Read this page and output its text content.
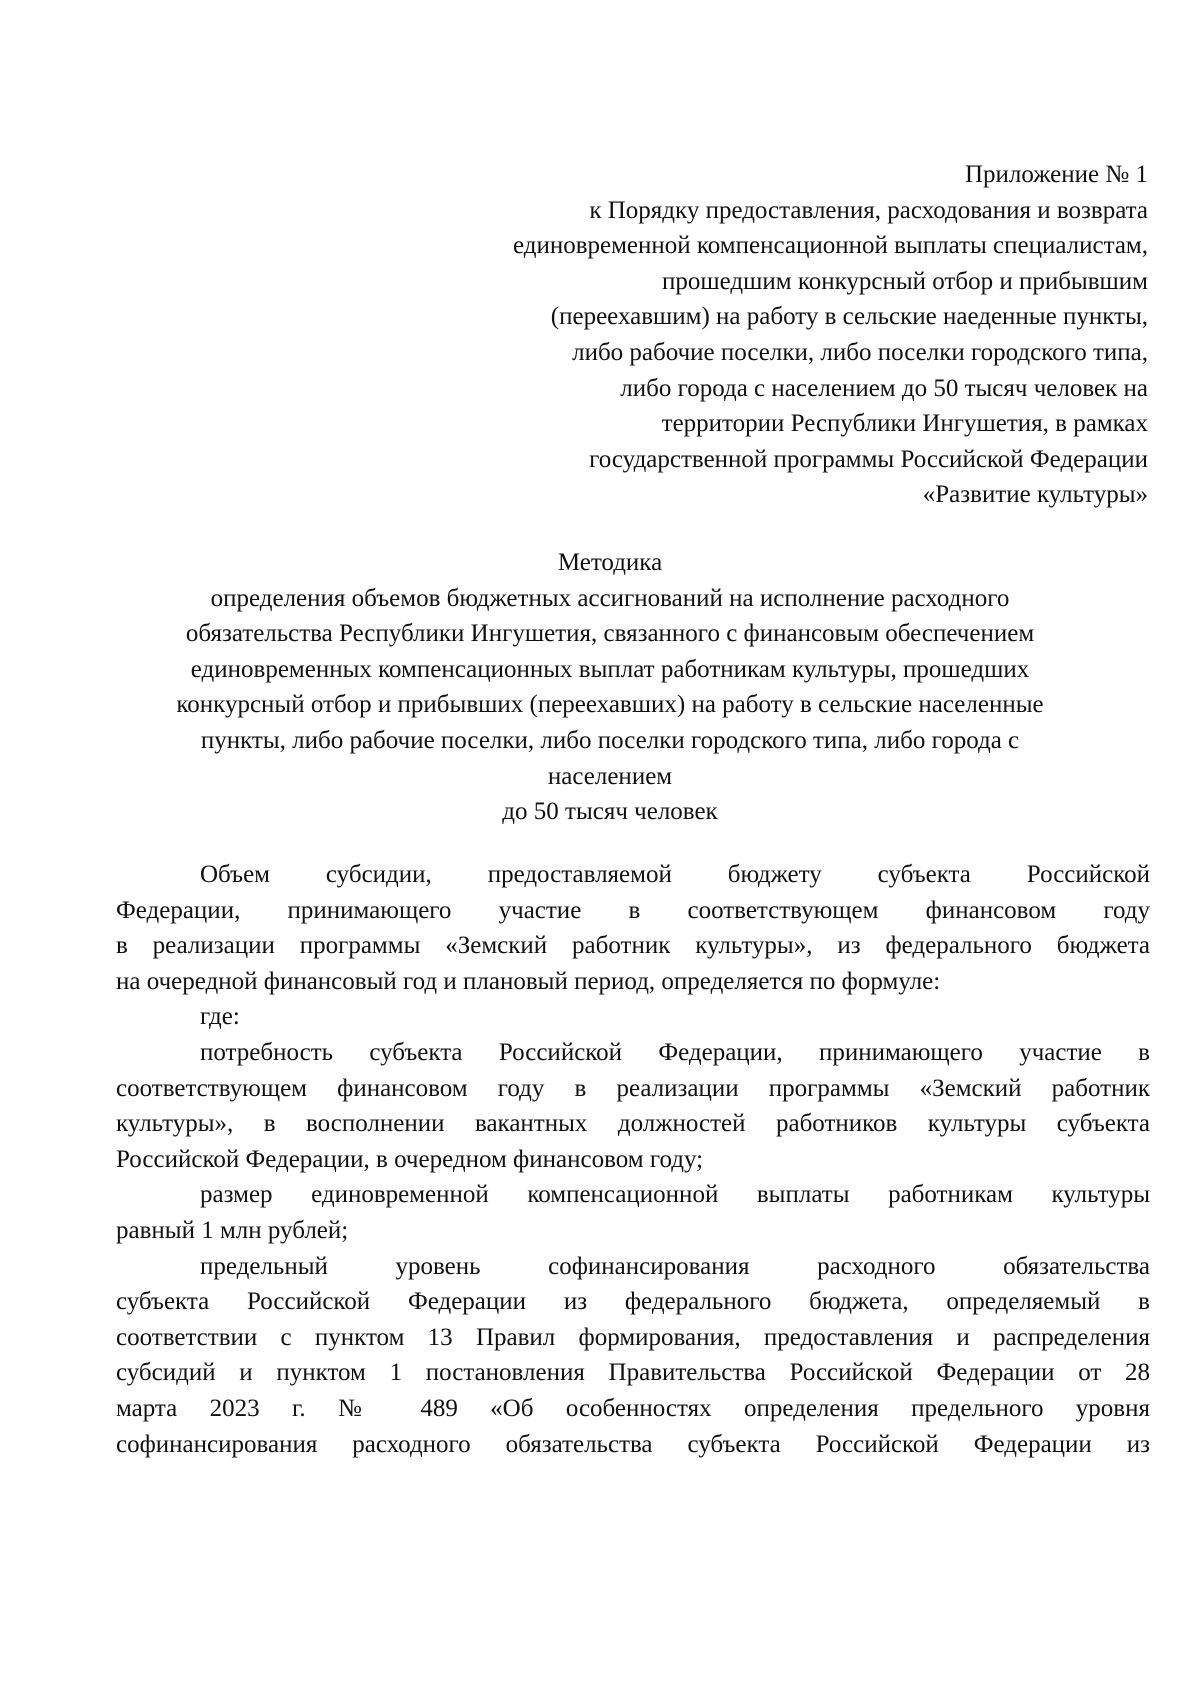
Приложение № 1
к Порядку предоставления, расходования и возврата
единовременной компенсационной выплаты специалистам,
прошедшим конкурсный отбор и прибывшим
(переехавшим) на работу в сельские наеденные пункты,
либо рабочие поселки, либо поселки городского типа,
либо города с населением до 50 тысяч человек на
территории Республики Ингушетия, в рамках
государственной программы Российской Федерации
«Развитие культуры»
Методика
определения объемов бюджетных ассигнований на исполнение расходного
обязательства Республики Ингушетия, связанного с финансовым обеспечением
единовременных компенсационных выплат работникам культуры, прошедших
конкурсный отбор и прибывших (переехавших) на работу в сельские населенные
пункты, либо рабочие поселки, либо поселки городского типа, либо города с
населением
до 50 тысяч человек
Объем субсидии, предоставляемой бюджету субъекта Российской
Федерации, принимающего участие в соответствующем финансовом году
в реализации программы «Земский работник культуры», из федерального бюджета
на очередной финансовый год и плановый период, определяется по формуле:
где:
потребность субъекта Российской Федерации, принимающего участие в
соответствующем финансовом году в реализации программы «Земский работник
культуры», в восполнении вакантных должностей работников культуры субъекта
Российской Федерации, в очередном финансовом году;
размер единовременной компенсационной выплаты работникам культуры
равный 1 млн рублей;
предельный уровень софинансирования расходного обязательства
субъекта Российской Федерации из федерального бюджета, определяемый в
соответствии с пунктом 13 Правил формирования, предоставления и распределения
субсидий и пунктом 1 постановления Правительства Российской Федерации от 28
марта 2023 г. № 489 «Об особенностях определения предельного уровня
софинансирования расходного обязательства субъекта Российской Федерации из
